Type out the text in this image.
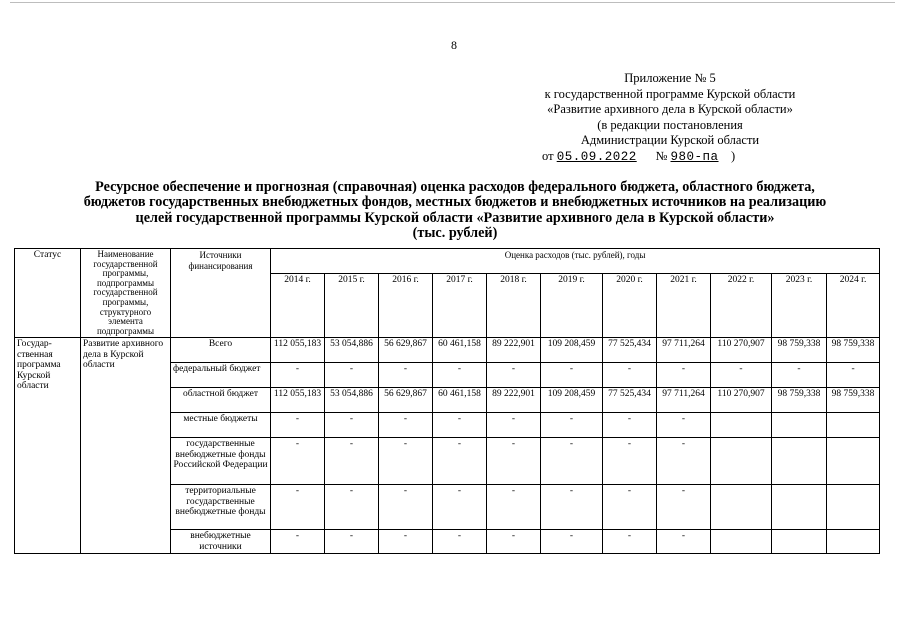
8
Приложение № 5
к государственной программе Курской области
«Развитие архивного дела в Курской области»
(в редакции постановления
Администрации Курской области
от 05.09.2022 № 980-па )
Ресурсное обеспечение и прогнозная (справочная) оценка расходов федерального бюджета, областного бюджета,
бюджетов государственных внебюджетных фондов, местных бюджетов и внебюджетных источников на реализацию
целей государственной программы Курской области «Развитие архивного дела в Курской области»
(тыс. рублей)
Статус	Наименование государственной программы, подпрограммы государственной программы, структурного элемента подпрограммы	Источники финансирования	Оценка расходов (тыс. рублей), годы										
			2014 г.	2015 г.	2016 г.	2017 г.	2018 г.	2019 г.	2020 г.	2021 г.	2022 г.	2023 г.	2024 г.
Государ-ственная программа Курской области	Развитие архивного дела в Курской области	Всего	112 055,183	53 054,886	56 629,867	60 461,158	89 222,901	109 208,459	77 525,434	97 711,264	110 270,907	98 759,338	98 759,338
		федеральный бюджет	-	-	-	-	-	-	-	-	-	-	-
		областной бюджет	112 055,183	53 054,886	56 629,867	60 461,158	89 222,901	109 208,459	77 525,434	97 711,264	110 270,907	98 759,338	98 759,338
		местные бюджеты	-	-	-	-	-	-	-	-			
		государственные внебюджетные фонды Российской Федерации	-	-	-	-	-	-	-	-			
		территориальные государственные внебюджетные фонды	-	-	-	-	-	-	-	-			
		внебюджетные источники	-	-	-	-	-	-	-	-			
